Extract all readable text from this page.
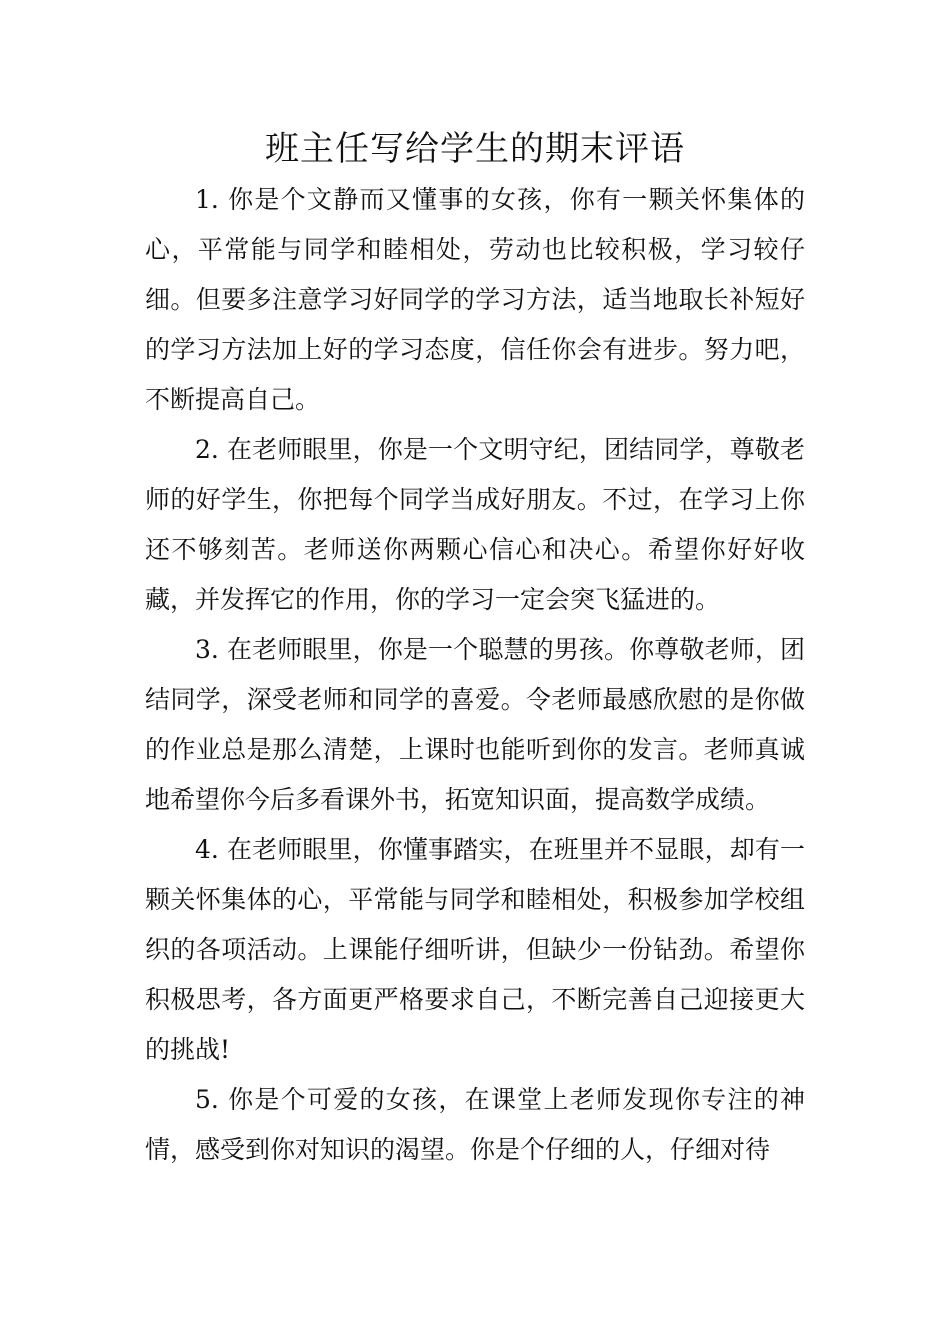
班主任写给学生的期末评语

1. 你是个文静而又懂事的女孩，你有一颗关怀集体的心，平常能与同学和睦相处，劳动也比较积极，学习较仔细。但要多注意学习好同学的学习方法，适当地取长补短好的学习方法加上好的学习态度，信任你会有进步。努力吧，不断提高自己。

2. 在老师眼里，你是一个文明守纪，团结同学，尊敬老师的好学生，你把每个同学当成好朋友。不过，在学习上你还不够刻苦。老师送你两颗心信心和决心。希望你好好收藏，并发挥它的作用，你的学习一定会突飞猛进的。

3. 在老师眼里，你是一个聪慧的男孩。你尊敬老师，团结同学，深受老师和同学的喜爱。令老师最感欣慰的是你做的作业总是那么清楚，上课时也能听到你的发言。老师真诚地希望你今后多看课外书，拓宽知识面，提高数学成绩。

4. 在老师眼里，你懂事踏实，在班里并不显眼，却有一颗关怀集体的心，平常能与同学和睦相处，积极参加学校组织的各项活动。上课能仔细听讲，但缺少一份钻劲。希望你积极思考，各方面更严格要求自己，不断完善自己迎接更大的挑战!

5. 你是个可爱的女孩，在课堂上老师发现你专注的神情，感受到你对知识的渴望。你是个仔细的人，仔细对待
